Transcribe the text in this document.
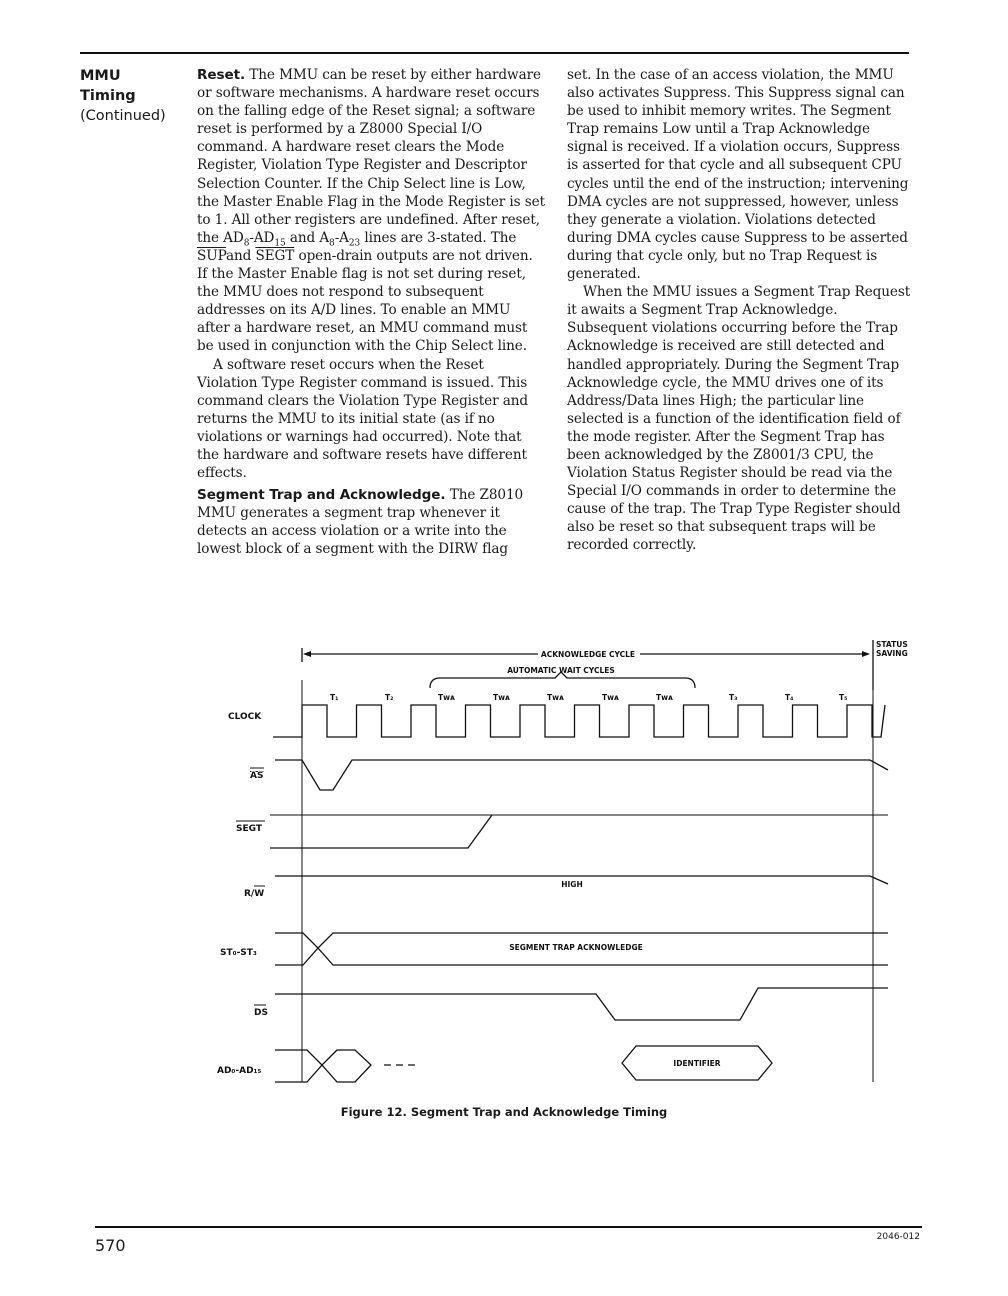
MMU
Timing
(Continued)

Reset. The MMU can be reset by either hardware or software mechanisms. A hardware reset occurs on the falling edge of the Reset signal; a software reset is performed by a Z8000 Special I/O command. A hardware reset clears the Mode Register, Violation Type Register and Descriptor Selection Counter. If the Chip Select line is Low, the Master Enable Flag in the Mode Register is set to 1. All other registers are undefined. After reset, the $AD_8-AD_{15}$ and $A_8-A_{23}$ lines are 3-stated. The $\overline{SUP}and$ SEGT open-drain outputs are not driven. If the Master Enable flag is not set during reset, the MMU does not respond to subsequent addresses on its A/D lines. To enable an MMU after a hardware reset, an MMU command must be used in conjunction with the Chip Select line.

A software reset occurs when the Reset Violation Type Register command is issued. This command clears the Violation Type Register and returns the MMU to its initial state (as if no violations or warnings had occurred). Note that the hardware and software resets have different effects.

Segment Trap and Acknowledge. The Z8010 MMU generates a segment trap whenever it detects an access violation or a write into the lowest block of a segment with the DIRW flag

set. In the case of an access violation, the MMU also activates Suppress. This Suppress signal can be used to inhibit memory writes. The Segment Trap remains Low until a Trap Acknowledge signal is received. If a violation occurs, Suppress is asserted for that cycle and all subsequent CPU cycles until the end of the instruction; intervening DMA cycles are not suppressed, however, unless they generate a violation. Violations detected during DMA cycles cause Suppress to be asserted during that cycle only, but no Trap Request is generated.

When the MMU issues a Segment Trap Request it awaits a Segment Trap Acknowledge. Subsequent violations occurring before the Trap Acknowledge is received are still detected and handled appropriately. During the Segment Trap Acknowledge cycle, the MMU drives one of its Address/Data lines High; the particular line selected is a function of the identification field of the mode register. After the Segment Trap has been acknowledged by the Z8001/3 CPU, the Violation Status Register should be read via the Special I/O commands in order to determine the cause of the trap. The Trap Type Register should also be reset so that subsequent traps will be recorded correctly.

ACKNOWLEDGE CYCLE
STATUS
SAVING
AUTOMATIC WAIT CYCLES
T₁	T₂	Tᴡᴀ	Tᴡᴀ	Tᴡᴀ	Tᴡᴀ	Tᴡᴀ	T₃	T₄	T₅
CLOCK
AS
SEGT
R/W
ST₀-ST₃
DS
AD₀-AD₁₅
HIGH
SEGMENT TRAP ACKNOWLEDGE
IDENTIFIER
Figure 12. Segment Trap and Acknowledge Timing
570	2046-012
